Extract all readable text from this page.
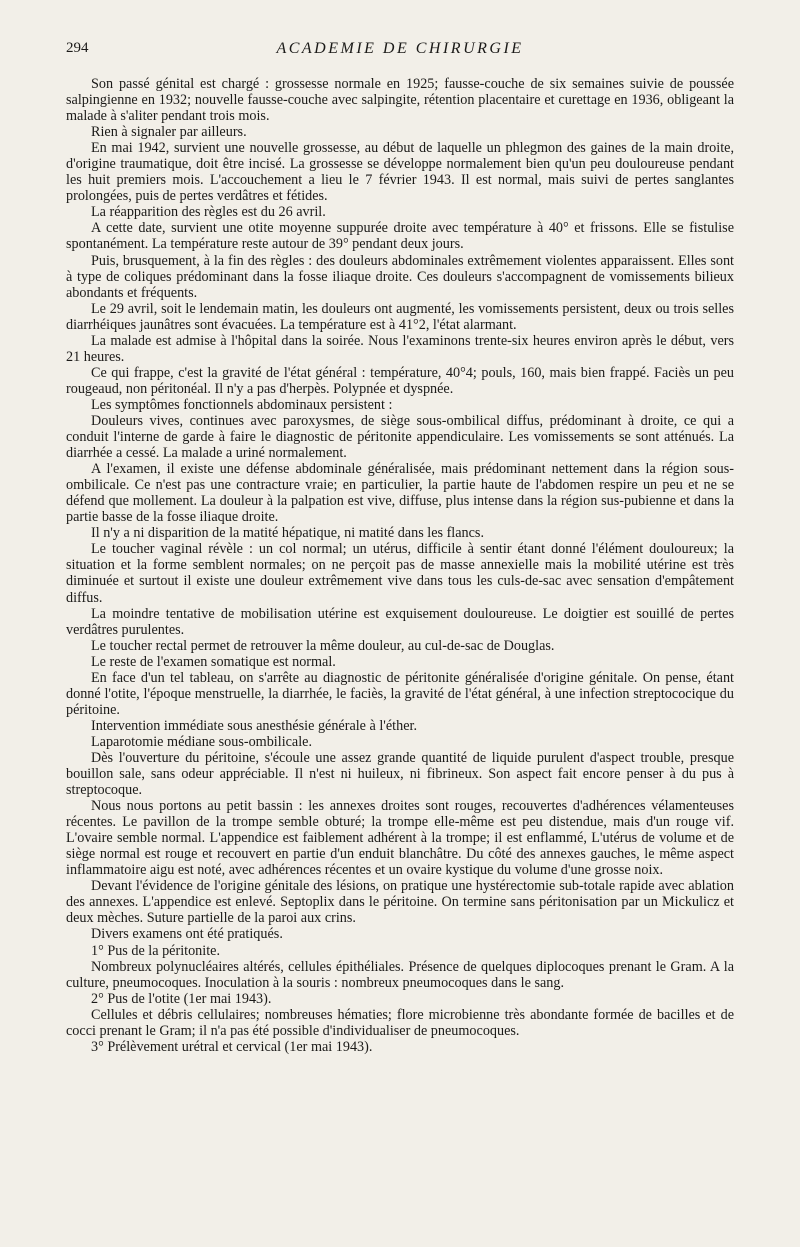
294	ACADEMIE DE CHIRURGIE

Son passé génital est chargé : grossesse normale en 1925; fausse-couche de six semaines suivie de poussée salpingienne en 1932; nouvelle fausse-couche avec salpingite, rétention placentaire et curettage en 1936, obligeant la malade à s'aliter pendant trois mois.

Rien à signaler par ailleurs.

En mai 1942, survient une nouvelle grossesse, au début de laquelle un phlegmon des gaines de la main droite, d'origine traumatique, doit être incisé. La grossesse se développe normalement bien qu'un peu douloureuse pendant les huit premiers mois. L'accouchement a lieu le 7 février 1943. Il est normal, mais suivi de pertes sanglantes prolongées, puis de pertes verdâtres et fétides.

La réapparition des règles est du 26 avril.

A cette date, survient une otite moyenne suppurée droite avec température à 40° et frissons. Elle se fistulise spontanément. La température reste autour de 39° pendant deux jours.

Puis, brusquement, à la fin des règles : des douleurs abdominales extrêmement violentes apparaissent. Elles sont à type de coliques prédominant dans la fosse iliaque droite. Ces douleurs s'accompagnent de vomissements bilieux abondants et fréquents.

Le 29 avril, soit le lendemain matin, les douleurs ont augmenté, les vomissements persistent, deux ou trois selles diarrhéiques jaunâtres sont évacuées. La température est à 41°2, l'état alarmant.

La malade est admise à l'hôpital dans la soirée. Nous l'examinons trente-six heures environ après le début, vers 21 heures.

Ce qui frappe, c'est la gravité de l'état général : température, 40°4; pouls, 160, mais bien frappé. Faciès un peu rougeaud, non péritonéal. Il n'y a pas d'herpès. Polypnée et dyspnée.

Les symptômes fonctionnels abdominaux persistent :

Douleurs vives, continues avec paroxysmes, de siège sous-ombilical diffus, prédominant à droite, ce qui a conduit l'interne de garde à faire le diagnostic de péritonite appendiculaire. Les vomissements se sont atténués. La diarrhée a cessé. La malade a uriné normalement.

A l'examen, il existe une défense abdominale généralisée, mais prédominant nettement dans la région sous-ombilicale. Ce n'est pas une contracture vraie; en particulier, la partie haute de l'abdomen respire un peu et ne se défend que mollement. La douleur à la palpation est vive, diffuse, plus intense dans la région sus-pubienne et dans la partie basse de la fosse iliaque droite.

Il n'y a ni disparition de la matité hépatique, ni matité dans les flancs.

Le toucher vaginal révèle : un col normal; un utérus, difficile à sentir étant donné l'élément douloureux; la situation et la forme semblent normales; on ne perçoit pas de masse annexielle mais la mobilité utérine est très diminuée et surtout il existe une douleur extrêmement vive dans tous les culs-de-sac avec sensation d'empâtement diffus.

La moindre tentative de mobilisation utérine est exquisement douloureuse. Le doigtier est souillé de pertes verdâtres purulentes.

Le toucher rectal permet de retrouver la même douleur, au cul-de-sac de Douglas.

Le reste de l'examen somatique est normal.

En face d'un tel tableau, on s'arrête au diagnostic de péritonite généralisée d'origine génitale. On pense, étant donné l'otite, l'époque menstruelle, la diarrhée, le faciès, la gravité de l'état général, à une infection streptococique du péritoine.

Intervention immédiate sous anesthésie générale à l'éther.

Laparotomie médiane sous-ombilicale.

Dès l'ouverture du péritoine, s'écoule une assez grande quantité de liquide purulent d'aspect trouble, presque bouillon sale, sans odeur appréciable. Il n'est ni huileux, ni fibrineux. Son aspect fait encore penser à du pus à streptocoque.

Nous nous portons au petit bassin : les annexes droites sont rouges, recouvertes d'adhérences vélamenteuses récentes. Le pavillon de la trompe semble obturé; la trompe elle-même est peu distendue, mais d'un rouge vif. L'ovaire semble normal. L'appendice est faiblement adhérent à la trompe; il est enflammé, L'utérus de volume et de siège normal est rouge et recouvert en partie d'un enduit blanchâtre. Du côté des annexes gauches, le même aspect inflammatoire aigu est noté, avec adhérences récentes et un ovaire kystique du volume d'une grosse noix.

Devant l'évidence de l'origine génitale des lésions, on pratique une hystérectomie sub-totale rapide avec ablation des annexes. L'appendice est enlevé. Septoplix dans le péritoine. On termine sans péritonisation par un Mickulicz et deux mèches. Suture partielle de la paroi aux crins.

Divers examens ont été pratiqués.

1° Pus de la péritonite.

Nombreux polynucléaires altérés, cellules épithéliales. Présence de quelques diplocoques prenant le Gram. A la culture, pneumocoques. Inoculation à la souris : nombreux pneumocoques dans le sang.

2° Pus de l'otite (1er mai 1943).

Cellules et débris cellulaires; nombreuses hématies; flore microbienne très abondante formée de bacilles et de cocci prenant le Gram; il n'a pas été possible d'individualiser de pneumocoques.

3° Prélèvement urétral et cervical (1er mai 1943).
